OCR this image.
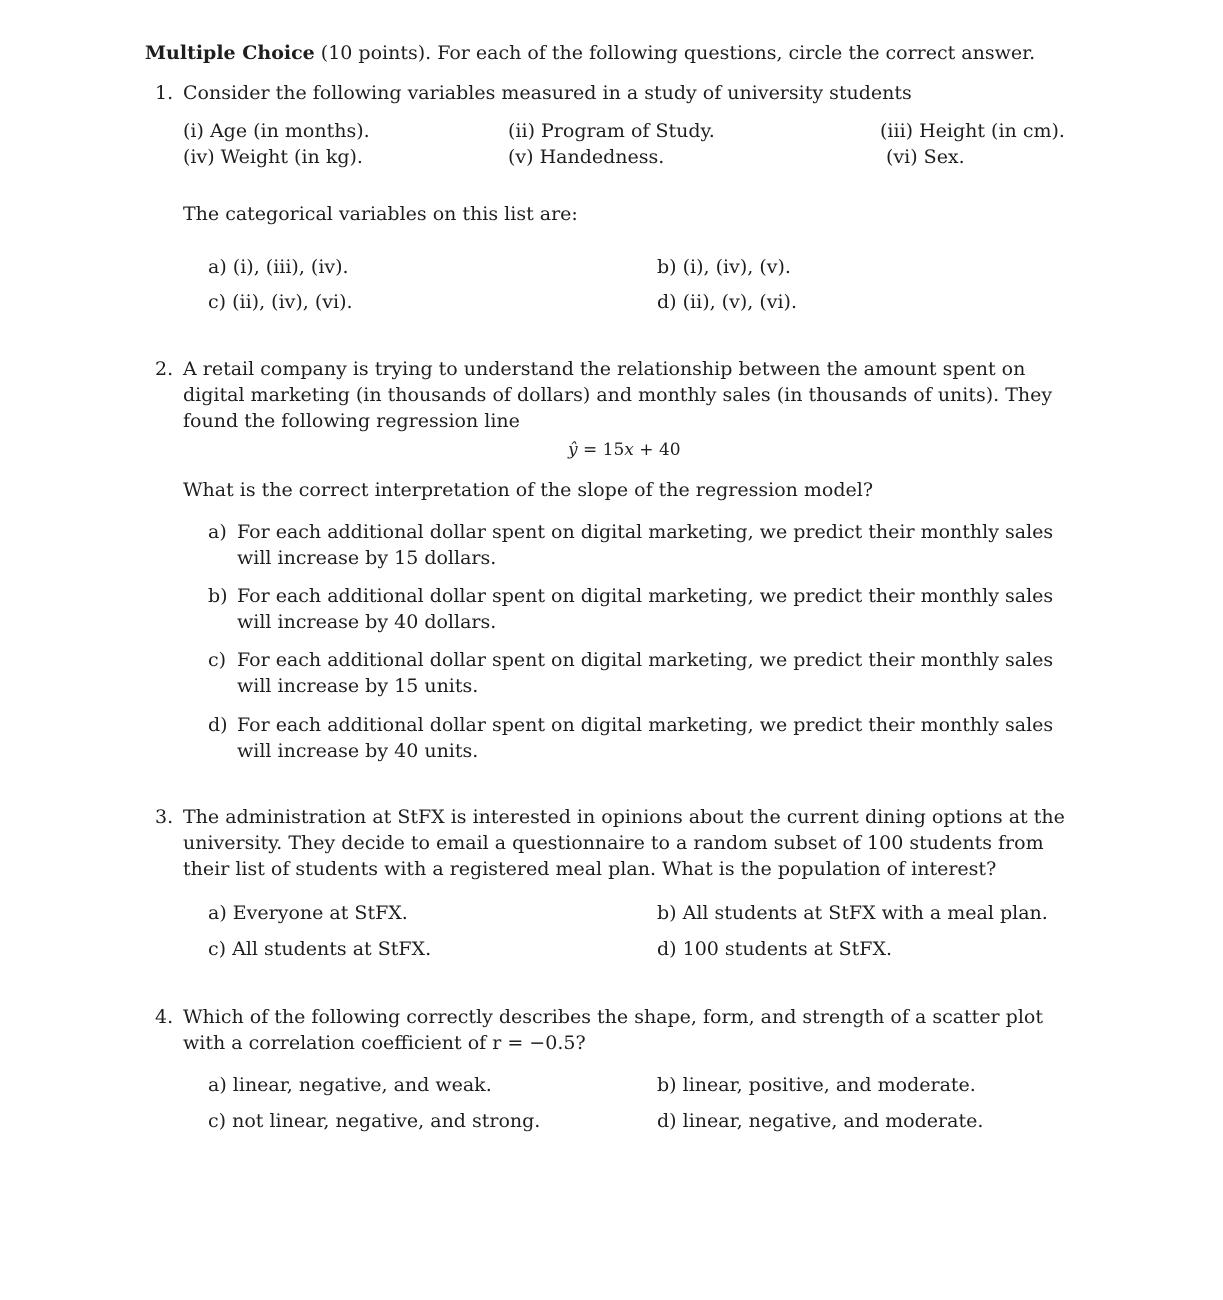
Multiple Choice (10 points). For each of the following questions, circle the correct answer.
1. Consider the following variables measured in a study of university students
(i) Age (in months).	(ii) Program of Study.	(iii) Height (in cm).
(iv) Weight (in kg).	(v) Handedness.	(vi) Sex.
The categorical variables on this list are:
a) (i), (iii), (iv).	b) (i), (iv), (v).
c) (ii), (iv), (vi).	d) (ii), (v), (vi).
2. A retail company is trying to understand the relationship between the amount spent on digital marketing (in thousands of dollars) and monthly sales (in thousands of units). They found the following regression line
ŷ = 15x + 40
What is the correct interpretation of the slope of the regression model?
a) For each additional dollar spent on digital marketing, we predict their monthly sales will increase by 15 dollars.
b) For each additional dollar spent on digital marketing, we predict their monthly sales will increase by 40 dollars.
c) For each additional dollar spent on digital marketing, we predict their monthly sales will increase by 15 units.
d) For each additional dollar spent on digital marketing, we predict their monthly sales will increase by 40 units.
3. The administration at StFX is interested in opinions about the current dining options at the university. They decide to email a questionnaire to a random subset of 100 students from their list of students with a registered meal plan. What is the population of interest?
a) Everyone at StFX.	b) All students at StFX with a meal plan.
c) All students at StFX.	d) 100 students at StFX.
4. Which of the following correctly describes the shape, form, and strength of a scatter plot with a correlation coefficient of r = −0.5?
a) linear, negative, and weak.	b) linear, positive, and moderate.
c) not linear, negative, and strong.	d) linear, negative, and moderate.
